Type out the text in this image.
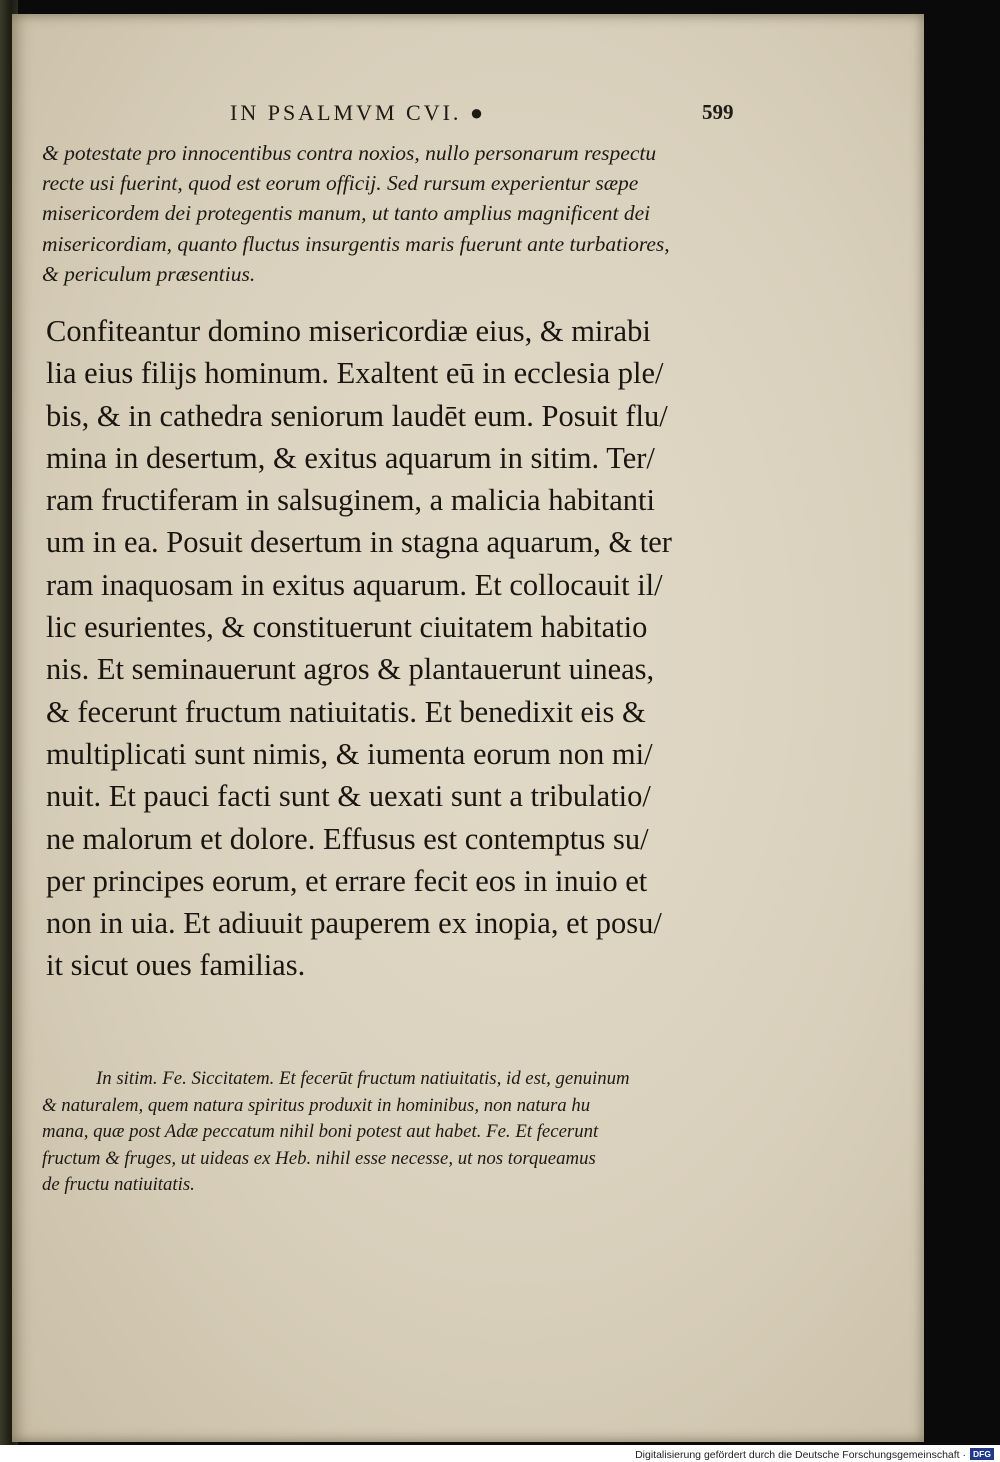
IN PSALMVM CVI. ●	599
& potestate pro innocentibus contra noxios, nullo personarum respectu
recte usi fuerint, quod est eorum officij. Sed rursum experientur sæpe
misericordem dei protegentis manum, ut tanto amplius magnificent dei
misericordiam, quanto fluctus insurgentis maris fuerunt ante turbatiores,
& periculum præsentius.
Confiteantur domino misericordiæ eius, & mirabi
lia eius filijs hominum. Exaltent eū in ecclesia ple/
bis, & in cathedra seniorum laudēt eum. Posuit flu/
mina in desertum, & exitus aquarum in sitim. Ter/
ram fructiferam in salsuginem, a malicia habitanti
um in ea. Posuit desertum in stagna aquarum, & ter
ram inaquosam in exitus aquarum. Et collocauit il/
lic esurientes, & constituerunt ciuitatem habitatio
nis. Et seminauerunt agros & plantauerunt uineas,
& fecerunt fructum natiuitatis. Et benedixit eis &
multiplicati sunt nimis, & iumenta eorum non mi/
nuit. Et pauci facti sunt & uexati sunt a tribulatio/
ne malorum et dolore. Effusus est contemptus su/
per principes eorum, et errare fecit eos in inuio et
non in uia. Et adiuuit pauperem ex inopia, et posu/
it sicut oues familias.
In sitim. Fe. Siccitatem. Et fecerūt fructum natiuitatis, id est, genuinum
& naturalem, quem natura spiritus produxit in hominibus, non natura hu
mana, quæ post Adæ peccatum nihil boni potest aut habet. Fe. Et fecerunt
fructum & fruges, ut uideas ex Heb. nihil esse necesse, ut nos torqueamus
de fructu natiuitatis.
Digitalisierung gefördert durch die Deutsche Forschungsgemeinschaft · DFG
